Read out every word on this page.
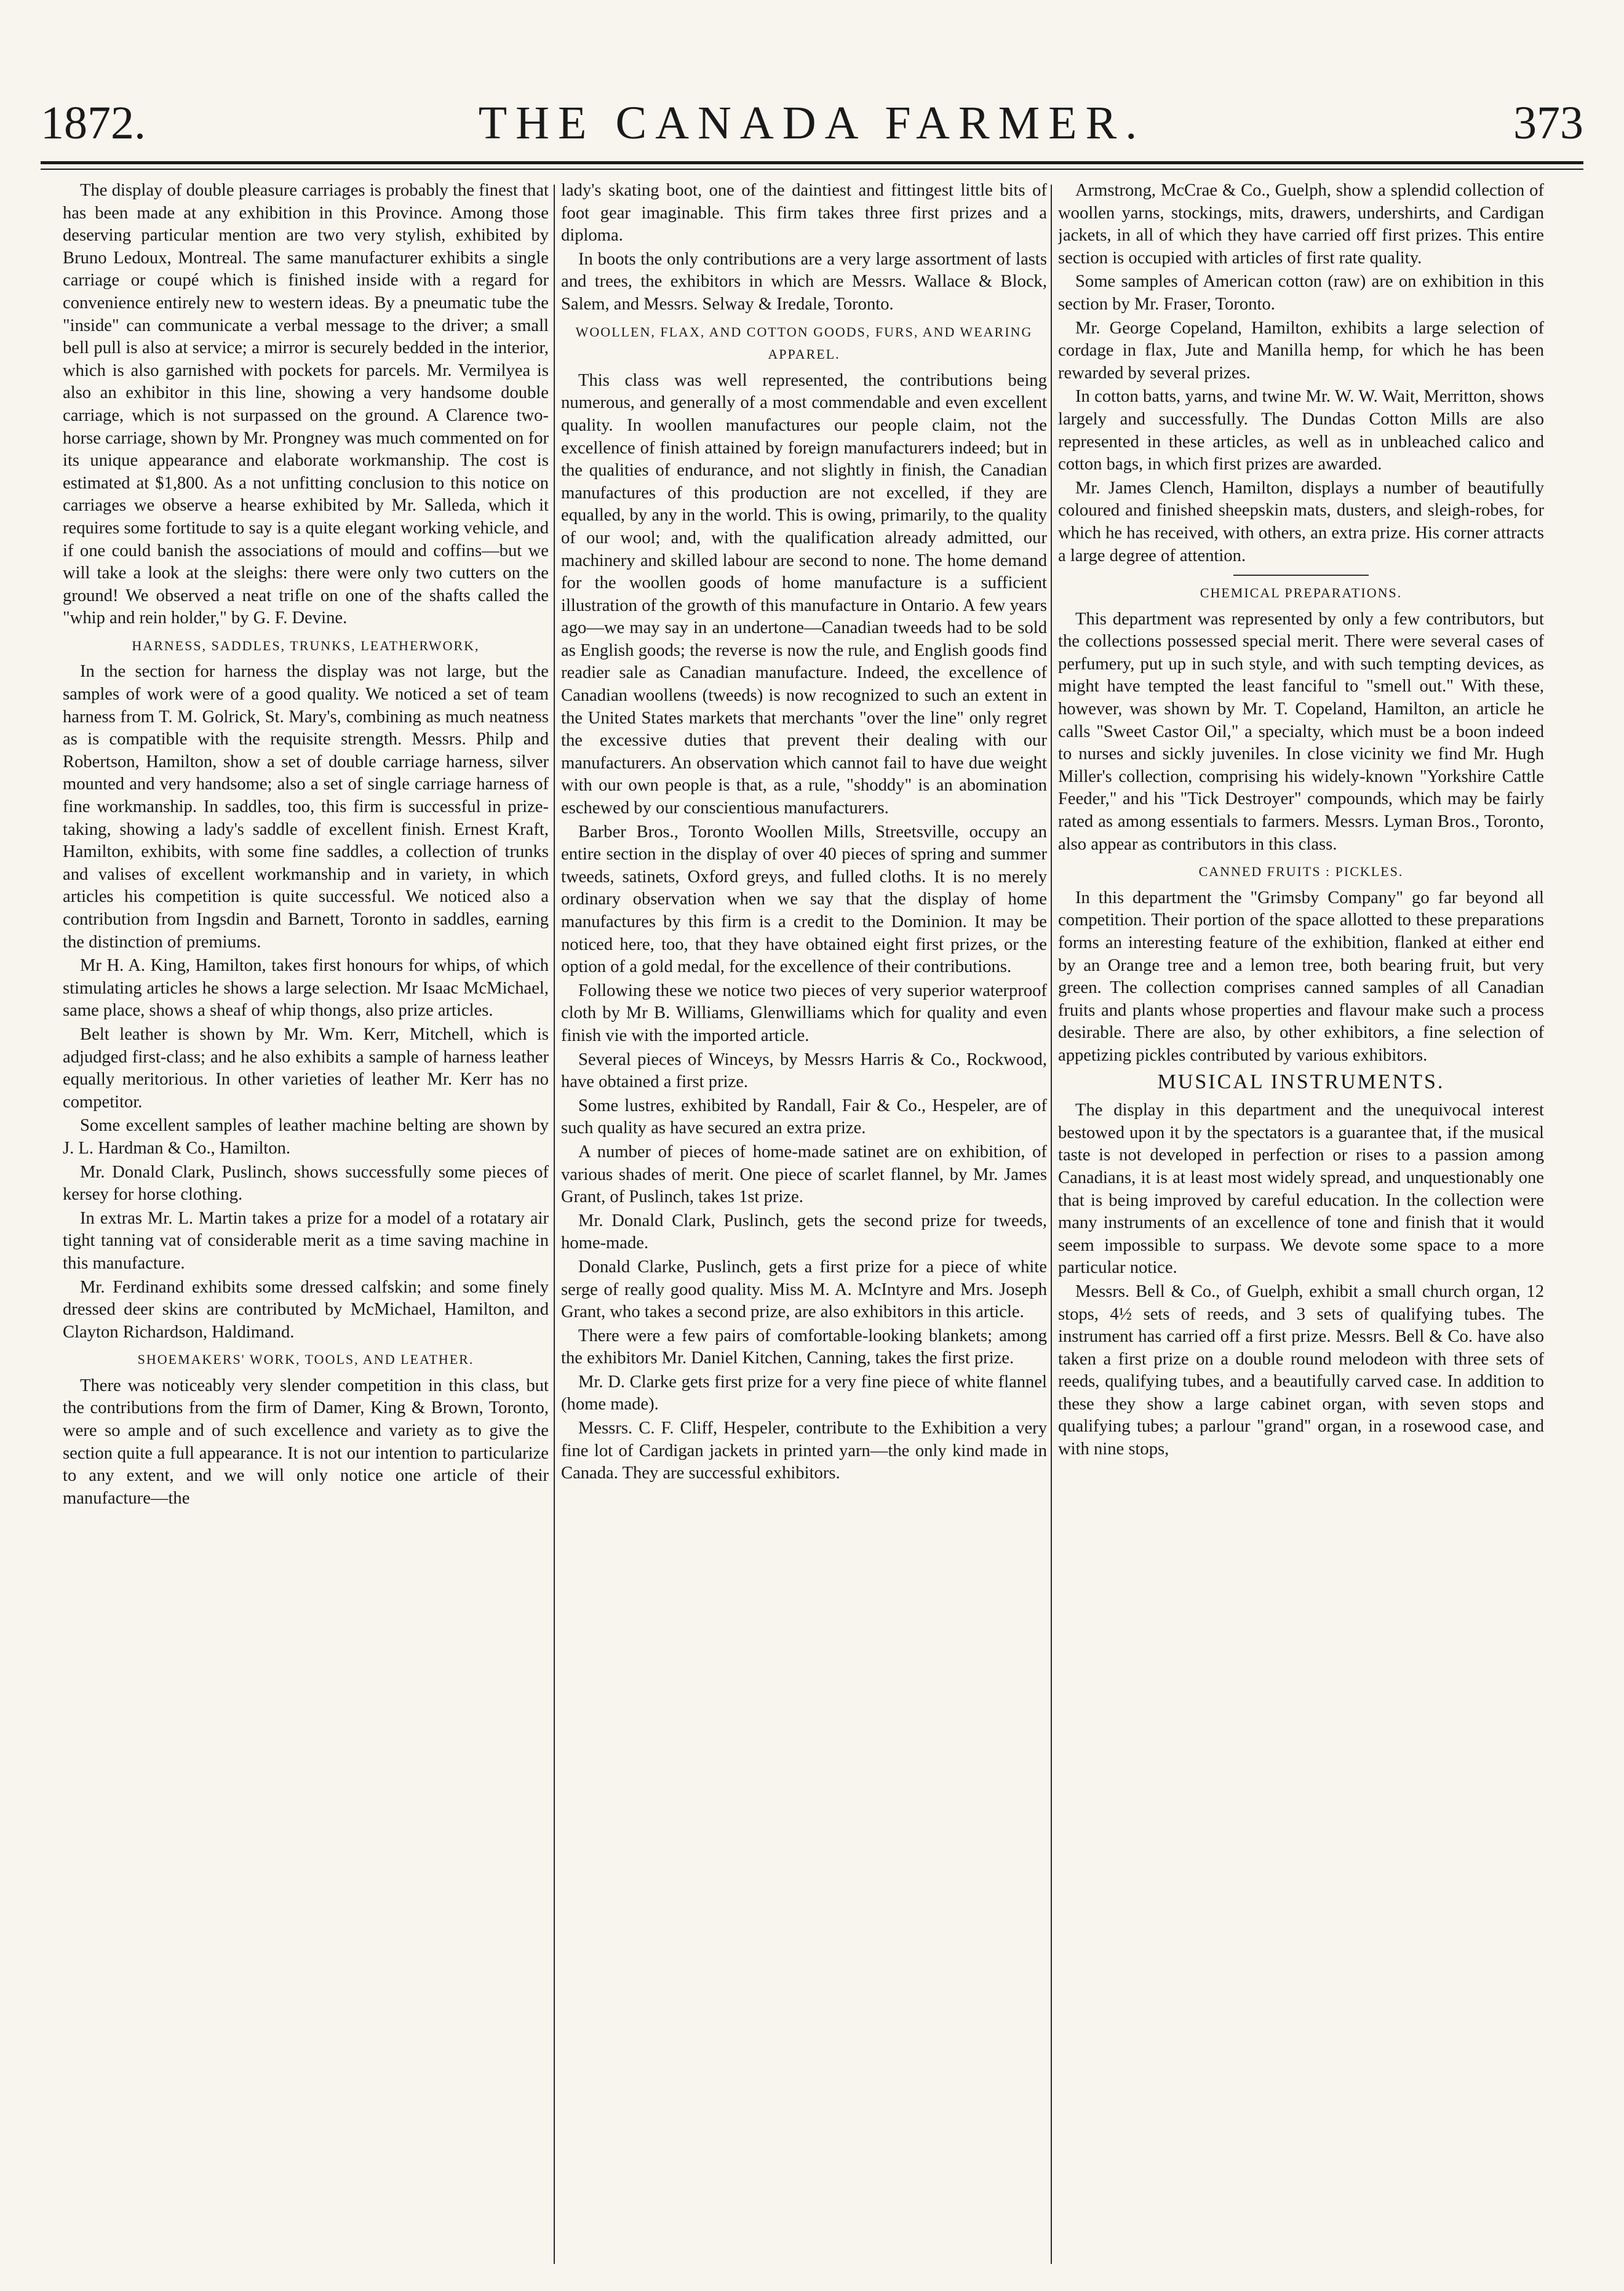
1872.	THE CANADA FARMER.	373

The display of double pleasure carriages is probably the finest that has been made at any exhibition in this Province. Among those deserving particular mention are two very stylish, exhibited by Bruno Ledoux, Montreal. The same manufacturer exhibits a single carriage or coupé which is finished inside with a regard for convenience entirely new to western ideas. By a pneumatic tube the "inside" can communicate a verbal message to the driver; a small bell pull is also at service; a mirror is securely bedded in the interior, which is also garnished with pockets for parcels. Mr. Vermilyea is also an exhibitor in this line, showing a very handsome double carriage, which is not surpassed on the ground. A Clarence two-horse carriage, shown by Mr. Prongney was much commented on for its unique appearance and elaborate workmanship. The cost is estimated at $1,800. As a not unfitting conclusion to this notice on carriages we observe a hearse exhibited by Mr. Salleda, which it requires some fortitude to say is a quite elegant working vehicle, and if one could banish the associations of mould and coffins—but we will take a look at the sleighs: there were only two cutters on the ground! We observed a neat trifle on one of the shafts called the "whip and rein holder," by G. F. Devine.

HARNESS, SADDLES, TRUNKS, LEATHERWORK,

In the section for harness the display was not large, but the samples of work were of a good quality. We noticed a set of team harness from T. M. Golrick, St. Mary's, combining as much neatness as is compatible with the requisite strength. Messrs. Philp and Robertson, Hamilton, show a set of double carriage harness, silver mounted and very handsome; also a set of single carriage harness of fine workmanship. In saddles, too, this firm is successful in prize-taking, showing a lady's saddle of excellent finish. Ernest Kraft, Hamilton, exhibits, with some fine saddles, a collection of trunks and valises of excellent workmanship and in variety, in which articles his competition is quite successful. We noticed also a contribution from Ingsdin and Barnett, Toronto in saddles, earning the distinction of premiums.

Mr H. A. King, Hamilton, takes first honours for whips, of which stimulating articles he shows a large selection. Mr Isaac McMichael, same place, shows a sheaf of whip thongs, also prize articles.

Belt leather is shown by Mr. Wm. Kerr, Mitchell, which is adjudged first-class; and he also exhibits a sample of harness leather equally meritorious. In other varieties of leather Mr. Kerr has no competitor.

Some excellent samples of leather machine belting are shown by J. L. Hardman & Co., Hamilton.

Mr. Donald Clark, Puslinch, shows successfully some pieces of kersey for horse clothing.

In extras Mr. L. Martin takes a prize for a model of a rotatary air tight tanning vat of considerable merit as a time saving machine in this manufacture.

Mr. Ferdinand exhibits some dressed calfskin; and some finely dressed deer skins are contributed by McMichael, Hamilton, and Clayton Richardson, Haldimand.

SHOEMAKERS' WORK, TOOLS, AND LEATHER.

There was noticeably very slender competition in this class, but the contributions from the firm of Damer, King & Brown, Toronto, were so ample and of such excellence and variety as to give the section quite a full appearance. It is not our intention to particularize to any extent, and we will only notice one article of their manufacture—the

lady's skating boot, one of the daintiest and fittingest little bits of foot gear imaginable. This firm takes three first prizes and a diploma.

In boots the only contributions are a very large assortment of lasts and trees, the exhibitors in which are Messrs. Wallace & Block, Salem, and Messrs. Selway & Iredale, Toronto.

WOOLLEN, FLAX, AND COTTON GOODS, FURS, AND WEARING APPAREL.

This class was well represented, the contributions being numerous, and generally of a most commendable and even excellent quality. In woollen manufactures our people claim, not the excellence of finish attained by foreign manufacturers indeed; but in the qualities of endurance, and not slightly in finish, the Canadian manufactures of this production are not excelled, if they are equalled, by any in the world. This is owing, primarily, to the quality of our wool; and, with the qualification already admitted, our machinery and skilled labour are second to none. The home demand for the woollen goods of home manufacture is a sufficient illustration of the growth of this manufacture in Ontario. A few years ago—we may say in an undertone—Canadian tweeds had to be sold as English goods; the reverse is now the rule, and English goods find readier sale as Canadian manufacture. Indeed, the excellence of Canadian woollens (tweeds) is now recognized to such an extent in the United States markets that merchants "over the line" only regret the excessive duties that prevent their dealing with our manufacturers. An observation which cannot fail to have due weight with our own people is that, as a rule, "shoddy" is an abomination eschewed by our conscientious manufacturers.

Barber Bros., Toronto Woollen Mills, Streetsville, occupy an entire section in the display of over 40 pieces of spring and summer tweeds, satinets, Oxford greys, and fulled cloths. It is no merely ordinary observation when we say that the display of home manufactures by this firm is a credit to the Dominion. It may be noticed here, too, that they have obtained eight first prizes, or the option of a gold medal, for the excellence of their contributions.

Following these we notice two pieces of very superior waterproof cloth by Mr B. Williams, Glenwilliams which for quality and even finish vie with the imported article.

Several pieces of Winceys, by Messrs Harris & Co., Rockwood, have obtained a first prize.

Some lustres, exhibited by Randall, Fair & Co., Hespeler, are of such quality as have secured an extra prize.

A number of pieces of home-made satinet are on exhibition, of various shades of merit. One piece of scarlet flannel, by Mr. James Grant, of Puslinch, takes 1st prize.

Mr. Donald Clark, Puslinch, gets the second prize for tweeds, home-made.

Donald Clarke, Puslinch, gets a first prize for a piece of white serge of really good quality. Miss M. A. McIntyre and Mrs. Joseph Grant, who takes a second prize, are also exhibitors in this article.

There were a few pairs of comfortable-looking blankets; among the exhibitors Mr. Daniel Kitchen, Canning, takes the first prize.

Mr. D. Clarke gets first prize for a very fine piece of white flannel (home made).

Messrs. C. F. Cliff, Hespeler, contribute to the Exhibition a very fine lot of Cardigan jackets in printed yarn—the only kind made in Canada. They are successful exhibitors.

Armstrong, McCrae & Co., Guelph, show a splendid collection of woollen yarns, stockings, mits, drawers, undershirts, and Cardigan jackets, in all of which they have carried off first prizes. This entire section is occupied with articles of first rate quality.

Some samples of American cotton (raw) are on exhibition in this section by Mr. Fraser, Toronto.

Mr. George Copeland, Hamilton, exhibits a large selection of cordage in flax, Jute and Manilla hemp, for which he has been rewarded by several prizes.

In cotton batts, yarns, and twine Mr. W. W. Wait, Merritton, shows largely and successfully. The Dundas Cotton Mills are also represented in these articles, as well as in unbleached calico and cotton bags, in which first prizes are awarded.

Mr. James Clench, Hamilton, displays a number of beautifully coloured and finished sheepskin mats, dusters, and sleigh-robes, for which he has received, with others, an extra prize. His corner attracts a large degree of attention.

CHEMICAL PREPARATIONS.

This department was represented by only a few contributors, but the collections possessed special merit. There were several cases of perfumery, put up in such style, and with such tempting devices, as might have tempted the least fanciful to "smell out." With these, however, was shown by Mr. T. Copeland, Hamilton, an article he calls "Sweet Castor Oil," a specialty, which must be a boon indeed to nurses and sickly juveniles. In close vicinity we find Mr. Hugh Miller's collection, comprising his widely-known "Yorkshire Cattle Feeder," and his "Tick Destroyer" compounds, which may be fairly rated as among essentials to farmers. Messrs. Lyman Bros., Toronto, also appear as contributors in this class.

CANNED FRUITS : PICKLES.

In this department the "Grimsby Company" go far beyond all competition. Their portion of the space allotted to these preparations forms an interesting feature of the exhibition, flanked at either end by an Orange tree and a lemon tree, both bearing fruit, but very green. The collection comprises canned samples of all Canadian fruits and plants whose properties and flavour make such a process desirable. There are also, by other exhibitors, a fine selection of appetizing pickles contributed by various exhibitors.

MUSICAL INSTRUMENTS.

The display in this department and the unequivocal interest bestowed upon it by the spectators is a guarantee that, if the musical taste is not developed in perfection or rises to a passion among Canadians, it is at least most widely spread, and unquestionably one that is being improved by careful education. In the collection were many instruments of an excellence of tone and finish that it would seem impossible to surpass. We devote some space to a more particular notice.

Messrs. Bell & Co., of Guelph, exhibit a small church organ, 12 stops, 4½ sets of reeds, and 3 sets of qualifying tubes. The instrument has carried off a first prize. Messrs. Bell & Co. have also taken a first prize on a double round melodeon with three sets of reeds, qualifying tubes, and a beautifully carved case. In addition to these they show a large cabinet organ, with seven stops and qualifying tubes; a parlour "grand" organ, in a rosewood case, and with nine stops,
